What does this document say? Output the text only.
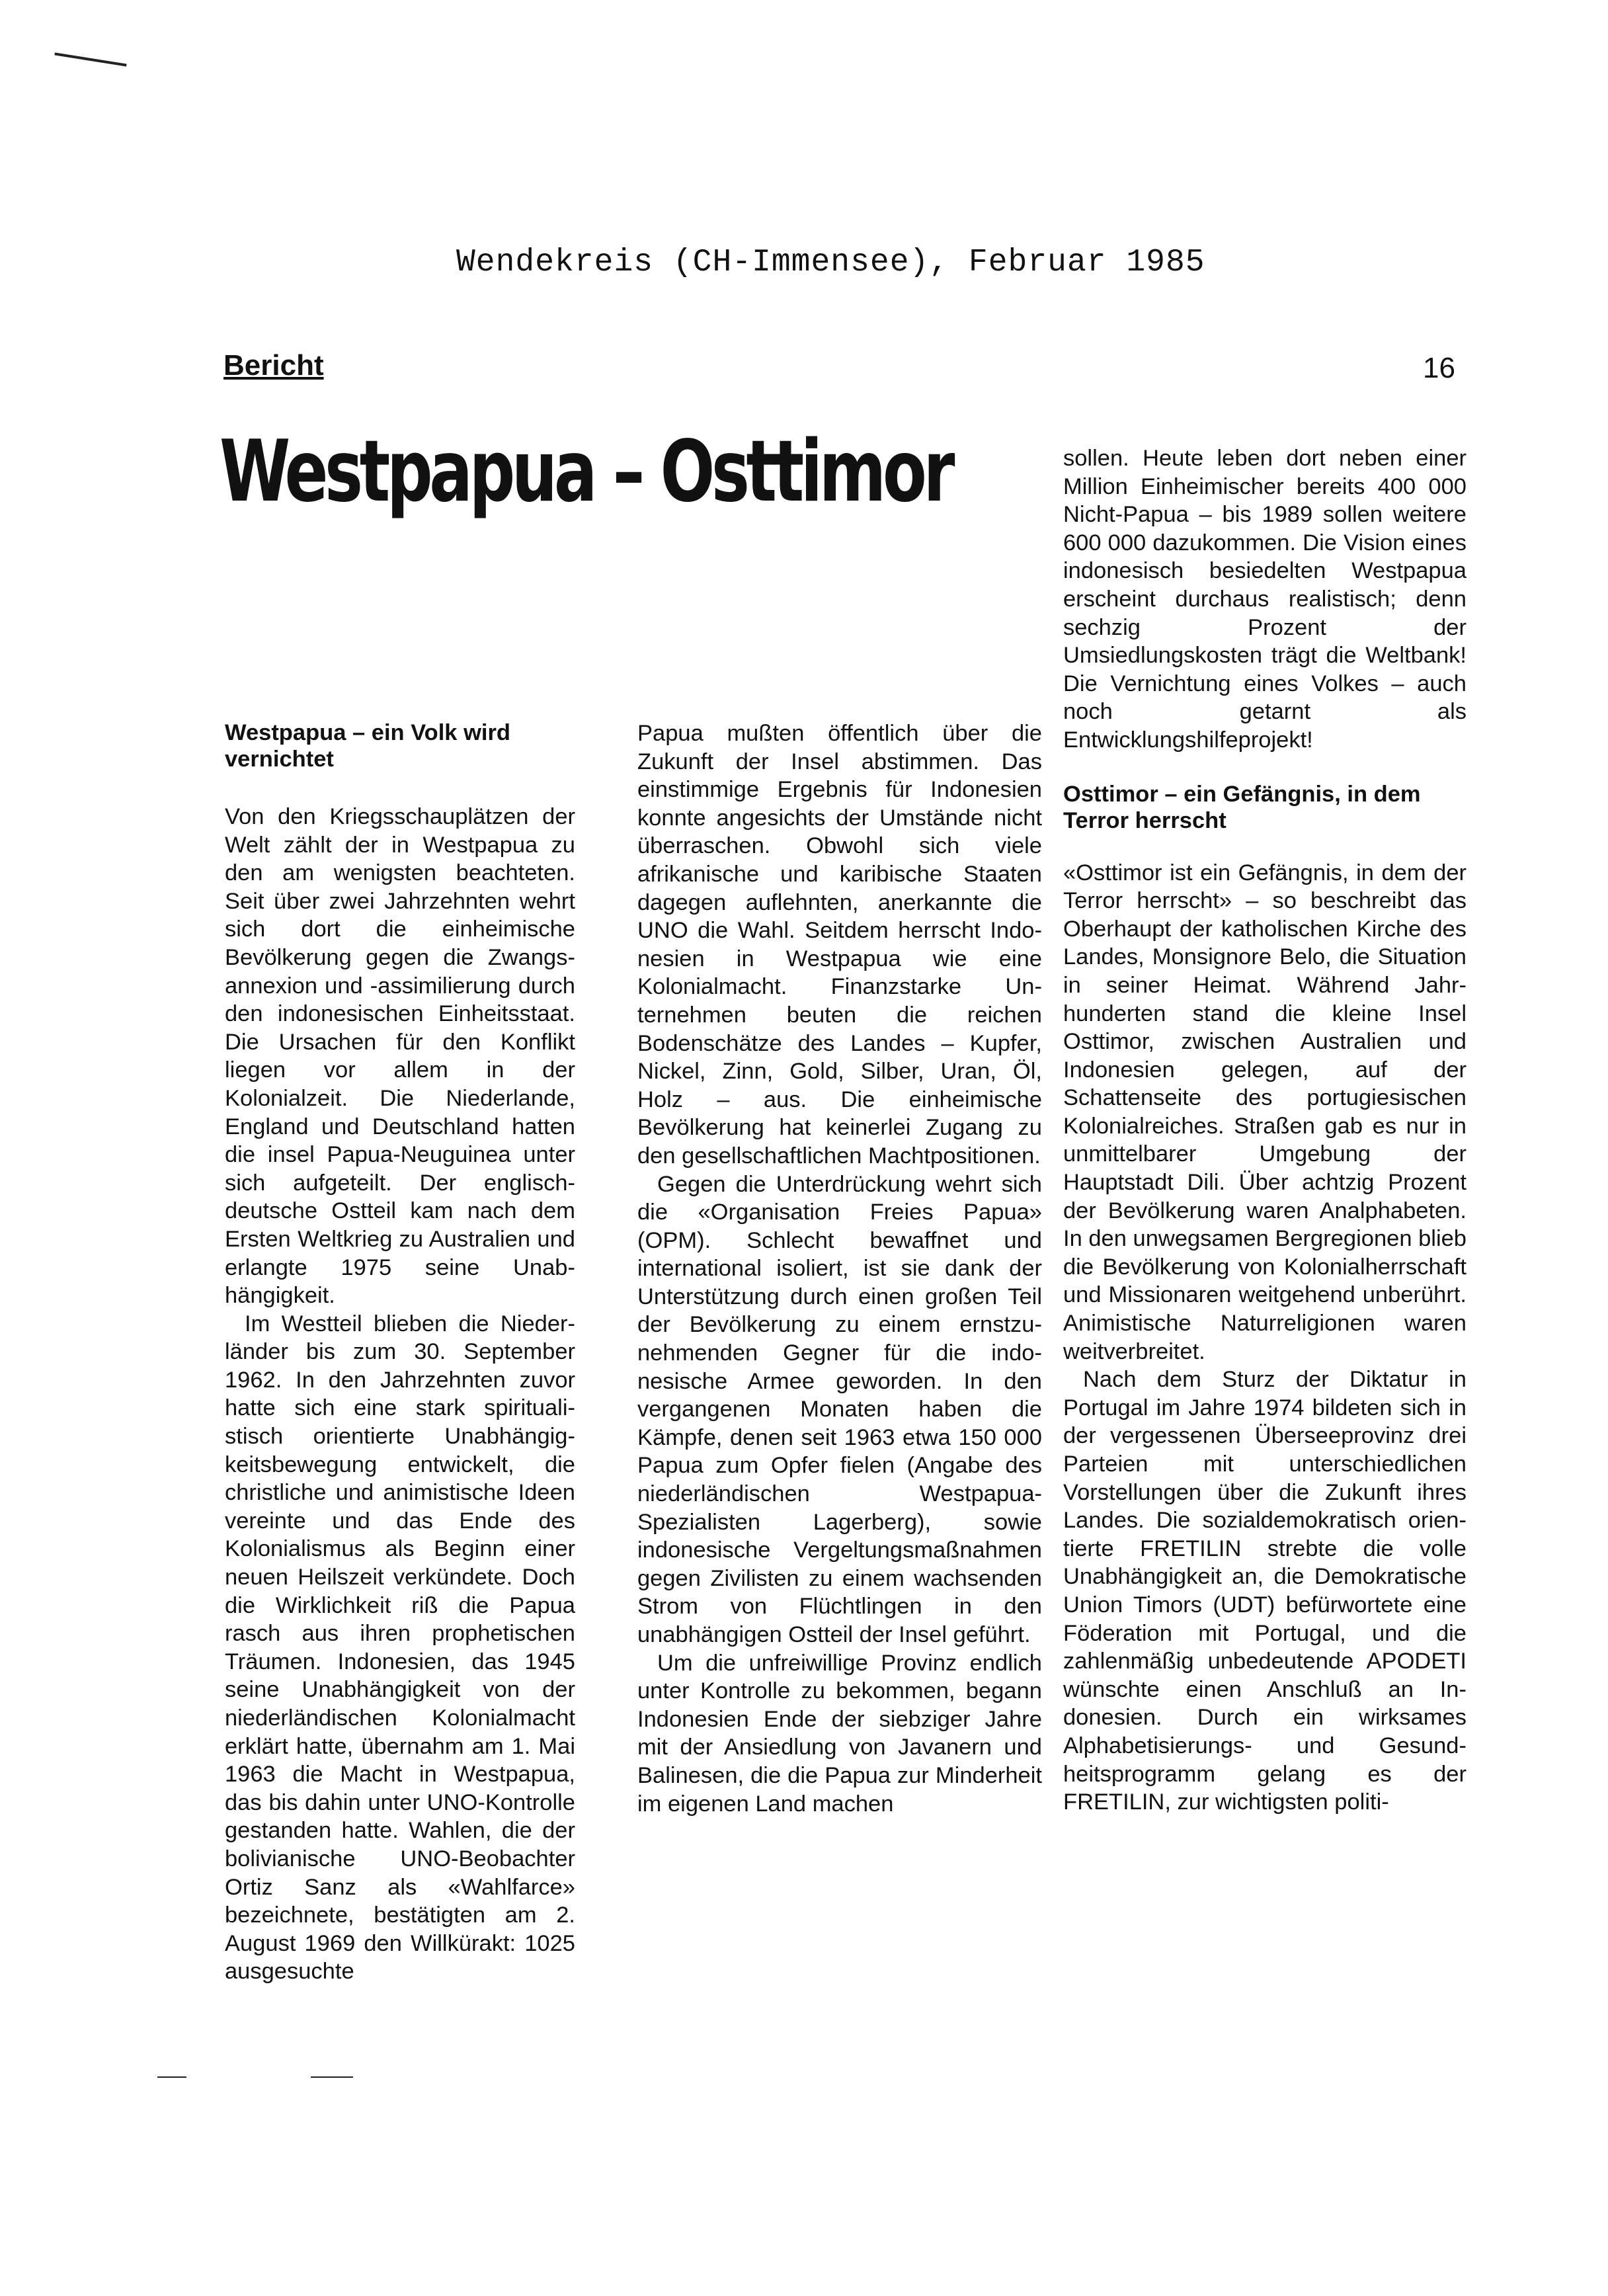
Wendekreis (CH-Immensee), Februar 1985
Bericht	16
Westpapua – Osttimor
Westpapua – ein Volk wird vernichtet

Von den Kriegsschauplätzen der Welt zählt der in Westpapua zu den am wenigsten beachteten. Seit über zwei Jahrzehnten wehrt sich dort die einheimische Bevölkerung gegen die Zwangsannexion und -assimilierung durch den indonesischen Einheitsstaat. Die Ursachen für den Konflikt liegen vor allem in der Kolonialzeit. Die Niederlande, England und Deutschland hatten die insel Papua-Neuguinea unter sich aufgeteilt. Der englisch-deutsche Ostteil kam nach dem Ersten Weltkrieg zu Australien und erlangte 1975 seine Unabhängigkeit.

Im Westteil blieben die Niederländer bis zum 30. September 1962. In den Jahrzehnten zuvor hatte sich eine stark spiritualistisch orientierte Unabhängigkeitsbewegung entwickelt, die christliche und animistische Ideen vereinte und das Ende des Kolonialismus als Beginn einer neuen Heilszeit verkündete. Doch die Wirklichkeit riß die Papua rasch aus ihren prophetischen Träumen. Indonesien, das 1945 seine Unabhängigkeit von der niederländischen Kolonialmacht erklärt hatte, übernahm am 1. Mai 1963 die Macht in Westpapua, das bis dahin unter UNO-Kontrolle gestanden hatte. Wahlen, die der bolivianische UNO-Beobachter Ortiz Sanz als «Wahlfarce» bezeichnete, bestätigten am 2. August 1969 den Willkürakt: 1025 ausgesuchte

Papua mußten öffentlich über die Zukunft der Insel abstimmen. Das einstimmige Ergebnis für Indonesien konnte angesichts der Umstände nicht überraschen. Obwohl sich viele afrikanische und karibische Staaten dagegen auflehnten, anerkannte die UNO die Wahl. Seitdem herrscht Indonesien in Westpapua wie eine Kolonialmacht. Finanzstarke Unternehmen beuten die reichen Bodenschätze des Landes – Kupfer, Nickel, Zinn, Gold, Silber, Uran, Öl, Holz – aus. Die einheimische Bevölkerung hat keinerlei Zugang zu den gesellschaftlichen Machtpositionen.

Gegen die Unterdrückung wehrt sich die «Organisation Freies Papua» (OPM). Schlecht bewaffnet und international isoliert, ist sie dank der Unterstützung durch einen großen Teil der Bevölkerung zu einem ernstzunehmenden Gegner für die indonesische Armee geworden. In den vergangenen Monaten haben die Kämpfe, denen seit 1963 etwa 150 000 Papua zum Opfer fielen (Angabe des niederländischen Westpapua-Spezialisten Lagerberg), sowie indonesische Vergeltungsmaßnahmen gegen Zivilisten zu einem wachsenden Strom von Flüchtlingen in den unabhängigen Ostteil der Insel geführt.

Um die unfreiwillige Provinz endlich unter Kontrolle zu bekommen, begann Indonesien Ende der siebziger Jahre mit der Ansiedlung von Javanern und Balinesen, die die Papua zur Minderheit im eigenen Land machen

sollen. Heute leben dort neben einer Million Einheimischer bereits 400 000 Nicht-Papua – bis 1989 sollen weitere 600 000 dazukommen. Die Vision eines indonesisch besiedelten Westpapua erscheint durchaus realistisch; denn sechzig Prozent der Umsiedlungskosten trägt die Weltbank! Die Vernichtung eines Volkes – auch noch getarnt als Entwicklungshilfeprojekt!

Osttimor – ein Gefängnis, in dem Terror herrscht

«Osttimor ist ein Gefängnis, in dem der Terror herrscht» – so beschreibt das Oberhaupt der katholischen Kirche des Landes, Monsignore Belo, die Situation in seiner Heimat. Während Jahrhunderten stand die kleine Insel Osttimor, zwischen Australien und Indonesien gelegen, auf der Schattenseite des portugiesischen Kolonialreiches. Straßen gab es nur in unmittelbarer Umgebung der Hauptstadt Dili. Über achtzig Prozent der Bevölkerung waren Analphabeten. In den unwegsamen Bergregionen blieb die Bevölkerung von Kolonialherrschaft und Missionaren weitgehend unberührt. Animistische Naturreligionen waren weitverbreitet.

Nach dem Sturz der Diktatur in Portugal im Jahre 1974 bildeten sich in der vergessenen Überseeprovinz drei Parteien mit unterschiedlichen Vorstellungen über die Zukunft ihres Landes. Die sozialdemokratisch orientierte FRETILIN strebte die volle Unabhängigkeit an, die Demokratische Union Timors (UDT) befürwortete eine Föderation mit Portugal, und die zahlenmäßig unbedeutende APODETI wünschte einen Anschluß an Indonesien. Durch ein wirksames Alphabetisierungs- und Gesundheitsprogramm gelang es der FRETILIN, zur wichtigsten politi-
